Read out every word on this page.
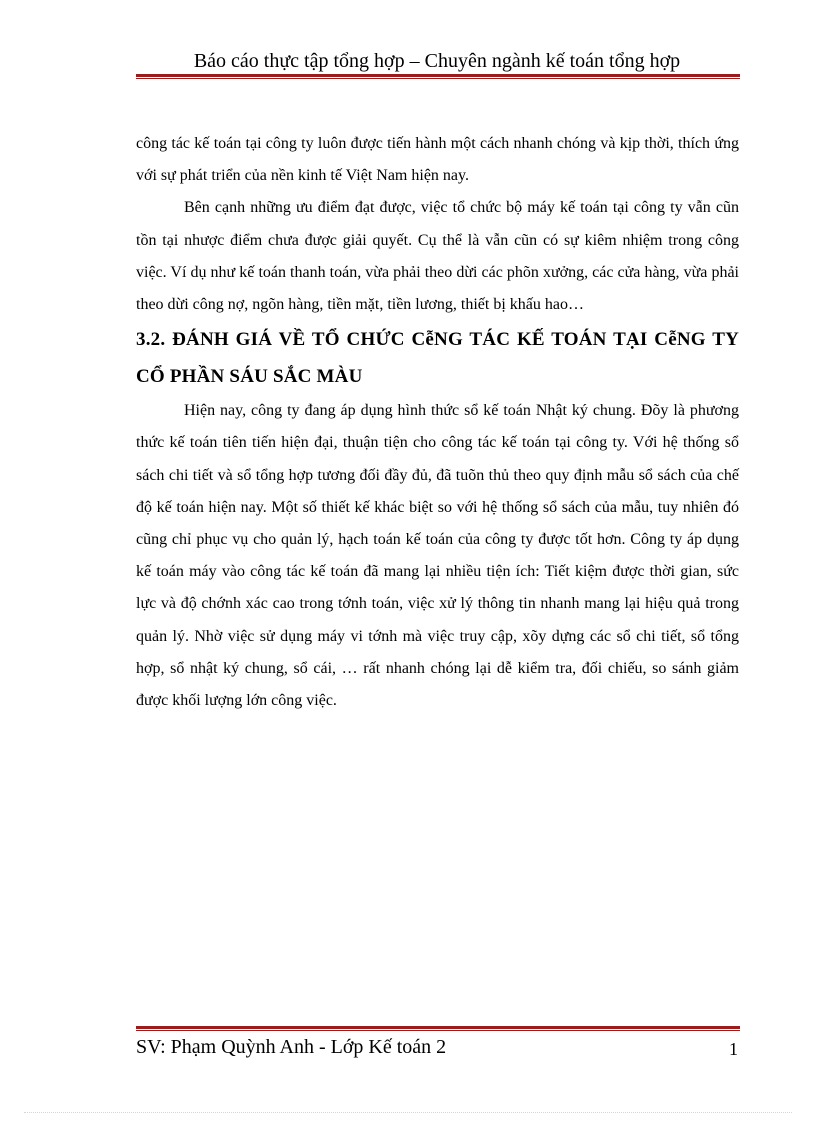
Báo cáo thực tập tổng hợp – Chuyên ngành kế toán tổng hợp

công tác kế toán tại công ty luôn được tiến hành một cách nhanh chóng và kịp thời, thích ứng với sự phát triển của nền kinh tế Việt Nam hiện nay.

Bên cạnh những ưu điểm đạt được, việc tổ chức bộ máy kế toán tại công ty vẫn cũn tồn tại nhược điểm chưa được giải quyết. Cụ thể là vẫn cũn có sự kiêm nhiệm trong công việc. Ví dụ như kế toán thanh toán, vừa phải theo dừi các phõn xưởng, các cửa hàng, vừa phải theo dừi công nợ, ngõn hàng, tiền mặt, tiền lương, thiết bị khấu hao…

3.2. ĐÁNH GIÁ VỀ TỔ CHỨC CễNG TÁC KẾ TOÁN TẠI CễNG TY CỔ PHẦN SÁU SẮC MÀU

Hiện nay, công ty đang áp dụng hình thức sổ kế toán Nhật ký chung. Đõy là phương thức kế toán tiên tiến hiện đại, thuận tiện cho công tác kế toán tại công ty. Với hệ thống sổ sách chi tiết và sổ tổng hợp tương đối đầy đủ, đã tuõn thủ theo quy định mẫu sổ sách của chế độ kế toán hiện nay. Một số thiết kế khác biệt so với hệ thống sổ sách của mẫu, tuy nhiên đó cũng chỉ phục vụ cho quản lý, hạch toán kế toán của công ty được tốt hơn. Công ty áp dụng kế toán máy vào công tác kế toán đã mang lại nhiều tiện ích: Tiết kiệm được thời gian, sức lực và độ chớnh xác cao trong tớnh toán, việc xử lý thông tin nhanh mang lại hiệu quả trong quản lý. Nhờ việc sử dụng máy vi tớnh mà việc truy cập, xõy dựng các sổ chi tiết, sổ tổng hợp, sổ nhật ký chung, sổ cái, … rất nhanh chóng lại dễ kiểm tra, đối chiếu, so sánh giảm được khối lượng lớn công việc.

SV: Phạm Quỳnh Anh - Lớp Kế toán 2	1
